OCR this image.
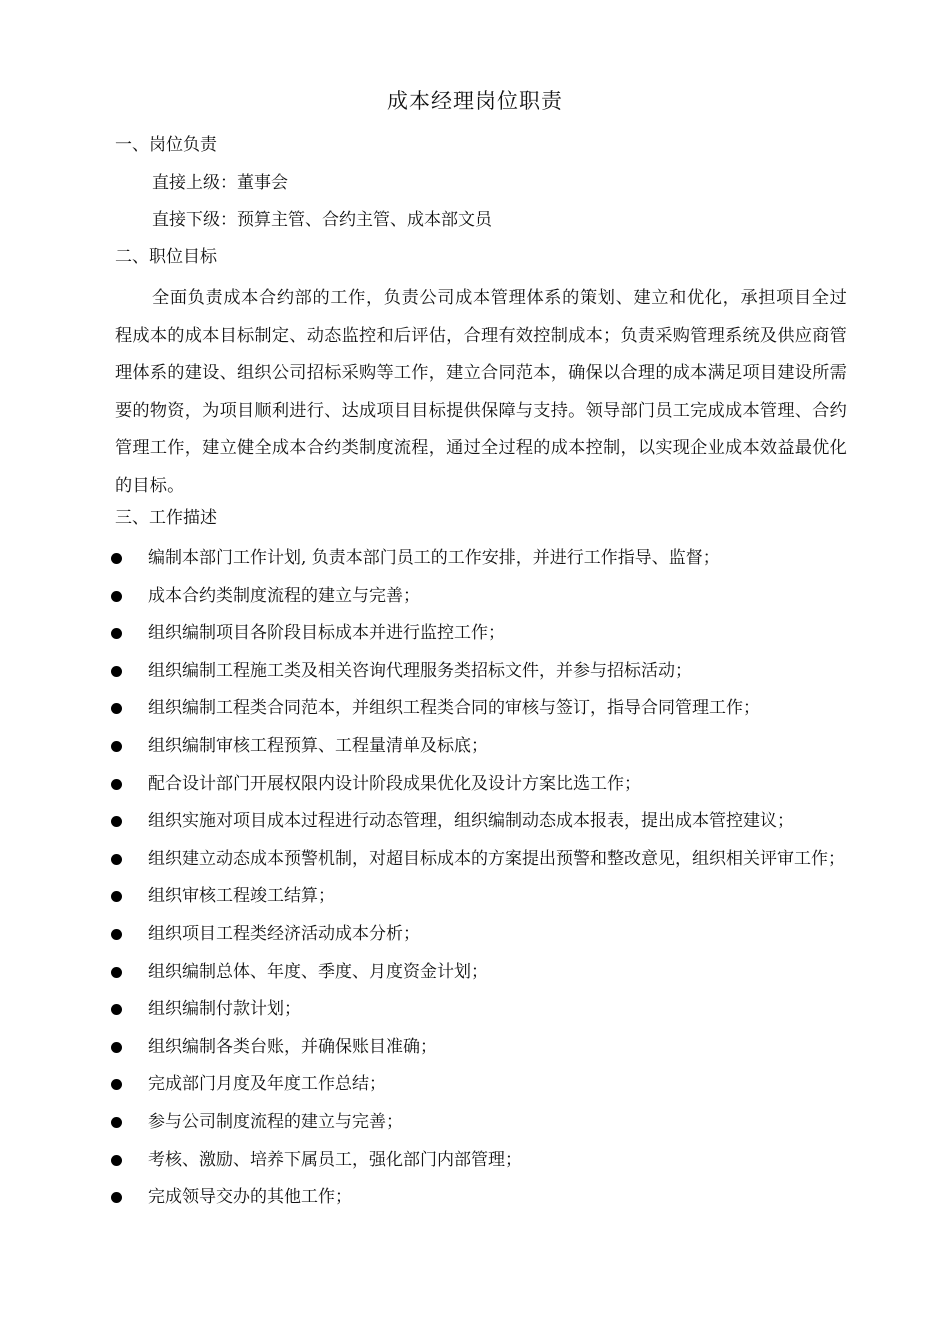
成本经理岗位职责
一、岗位负责
直接上级：董事会
直接下级：预算主管、合约主管、成本部文员
二、职位目标
全面负责成本合约部的工作，负责公司成本管理体系的策划、建立和优化，承担项目全过程成本的成本目标制定、动态监控和后评估，合理有效控制成本；负责采购管理系统及供应商管理体系的建设、组织公司招标采购等工作，建立合同范本，确保以合理的成本满足项目建设所需要的物资，为项目顺利进行、达成项目目标提供保障与支持。领导部门员工完成成本管理、合约管理工作，建立健全成本合约类制度流程，通过全过程的成本控制，以实现企业成本效益最优化的目标。
三、工作描述
编制本部门工作计划, 负责本部门员工的工作安排，并进行工作指导、监督；
成本合约类制度流程的建立与完善；
组织编制项目各阶段目标成本并进行监控工作；
组织编制工程施工类及相关咨询代理服务类招标文件，并参与招标活动；
组织编制工程类合同范本，并组织工程类合同的审核与签订，指导合同管理工作；
组织编制审核工程预算、工程量清单及标底；
配合设计部门开展权限内设计阶段成果优化及设计方案比选工作；
组织实施对项目成本过程进行动态管理，组织编制动态成本报表，提出成本管控建议；
组织建立动态成本预警机制，对超目标成本的方案提出预警和整改意见，组织相关评审工作；
组织审核工程竣工结算；
组织项目工程类经济活动成本分析；
组织编制总体、年度、季度、月度资金计划；
组织编制付款计划；
组织编制各类台账，并确保账目准确；
完成部门月度及年度工作总结；
参与公司制度流程的建立与完善；
考核、激励、培养下属员工，强化部门内部管理；
完成领导交办的其他工作；
